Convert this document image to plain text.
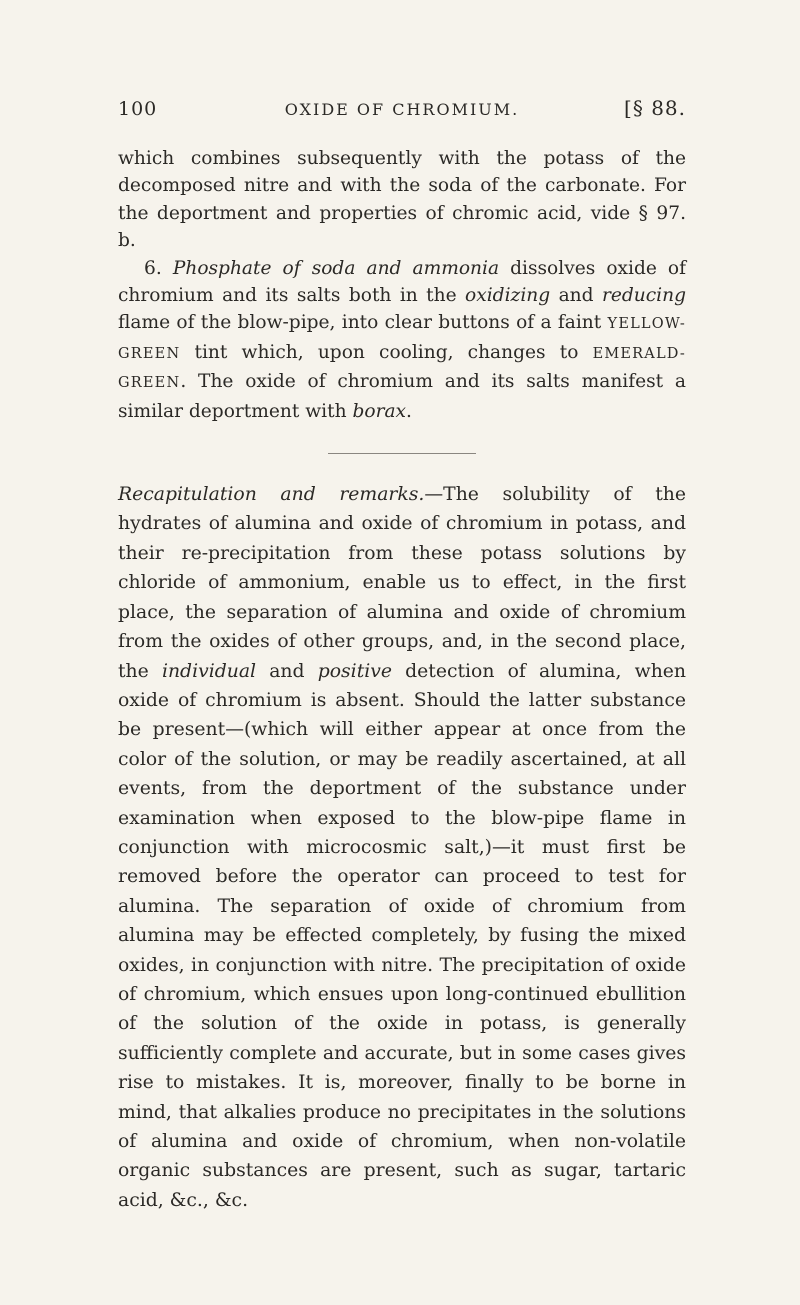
100	OXIDE OF CHROMIUM.	[§ 88.

which combines subsequently with the potass of the decomposed nitre and with the soda of the carbonate. For the deportment and properties of chromic acid, vide § 97. b.

6. Phosphate of soda and ammonia dissolves oxide of chromium and its salts both in the oxidizing and reducing flame of the blow-pipe, into clear buttons of a faint YELLOW-GREEN tint which, upon cooling, changes to EMERALD-GREEN. The oxide of chromium and its salts manifest a similar deportment with borax.

Recapitulation and remarks.—The solubility of the hydrates of alumina and oxide of chromium in potass, and their re-precipitation from these potass solutions by chloride of ammonium, enable us to effect, in the first place, the separation of alumina and oxide of chromium from the oxides of other groups, and, in the second place, the individual and positive detection of alumina, when oxide of chromium is absent. Should the latter substance be present—(which will either appear at once from the color of the solution, or may be readily ascertained, at all events, from the deportment of the substance under examination when exposed to the blow-pipe flame in conjunction with microcosmic salt,)—it must first be removed before the operator can proceed to test for alumina. The separation of oxide of chromium from alumina may be effected completely, by fusing the mixed oxides, in conjunction with nitre. The precipitation of oxide of chromium, which ensues upon long-continued ebullition of the solution of the oxide in potass, is generally sufficiently complete and accurate, but in some cases gives rise to mistakes. It is, moreover, finally to be borne in mind, that alkalies produce no precipitates in the solutions of alumina and oxide of chromium, when non-volatile organic substances are present, such as sugar, tartaric acid, &c., &c.
